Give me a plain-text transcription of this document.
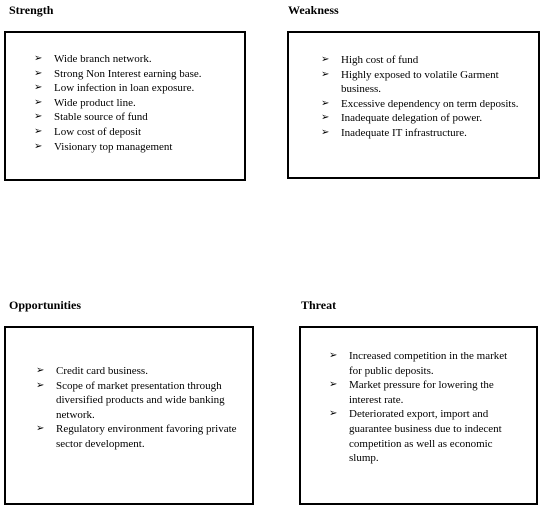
Strength	Weakness
Opportunities	Threat
➢	Wide branch network.
➢	Strong Non Interest earning base.
➢	Low infection in loan exposure.
➢	Wide product line.
➢	Stable source of fund
➢	Low cost of deposit
➢	Visionary top management
➢	High cost of fund
➢	Highly exposed to volatile Garment business.
➢	Excessive dependency on term deposits.
➢	Inadequate delegation of power.
➢	Inadequate IT infrastructure.
➢	Credit card business.
➢	Scope of market presentation through diversified products and wide banking network.
➢	Regulatory environment favoring private sector development.
➢	Increased competition in the market for public deposits.
➢	Market pressure for lowering the interest rate.
➢	Deteriorated export, import and guarantee business due to indecent competition as well as economic slump.
